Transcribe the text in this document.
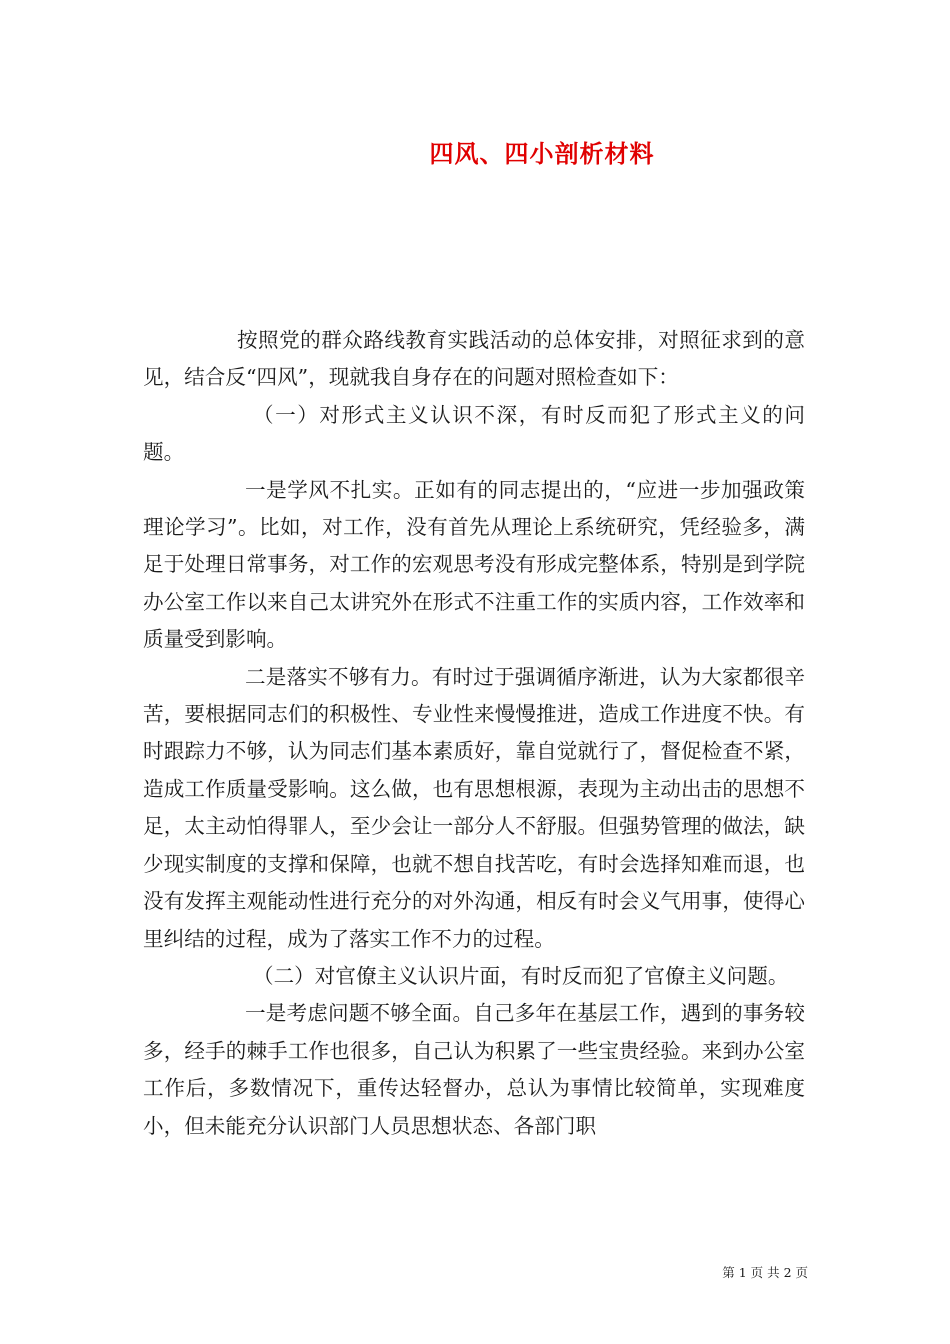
四风、四小剖析材料

按照党的群众路线教育实践活动的总体安排，对照征求到的意见，结合反“四风”，现就我自身存在的问题对照检查如下：

（一）对形式主义认识不深，有时反而犯了形式主义的问题。

一是学风不扎实。正如有的同志提出的，“应进一步加强政策理论学习”。比如，对工作，没有首先从理论上系统研究，凭经验多，满足于处理日常事务，对工作的宏观思考没有形成完整体系，特别是到学院办公室工作以来自己太讲究外在形式不注重工作的实质内容，工作效率和质量受到影响。

二是落实不够有力。有时过于强调循序渐进，认为大家都很辛苦，要根据同志们的积极性、专业性来慢慢推进，造成工作进度不快。有时跟踪力不够，认为同志们基本素质好，靠自觉就行了，督促检查不紧，造成工作质量受影响。这么做，也有思想根源，表现为主动出击的思想不足，太主动怕得罪人，至少会让一部分人不舒服。但强势管理的做法，缺少现实制度的支撑和保障，也就不想自找苦吃，有时会选择知难而退，也没有发挥主观能动性进行充分的对外沟通，相反有时会义气用事，使得心里纠结的过程，成为了落实工作不力的过程。

（二）对官僚主义认识片面，有时反而犯了官僚主义问题。

一是考虑问题不够全面。自己多年在基层工作，遇到的事务较多，经手的棘手工作也很多，自己认为积累了一些宝贵经验。来到办公室工作后，多数情况下，重传达轻督办，总认为事情比较简单，实现难度小，但未能充分认识部门人员思想状态、各部门职

第 1 页 共 2 页
